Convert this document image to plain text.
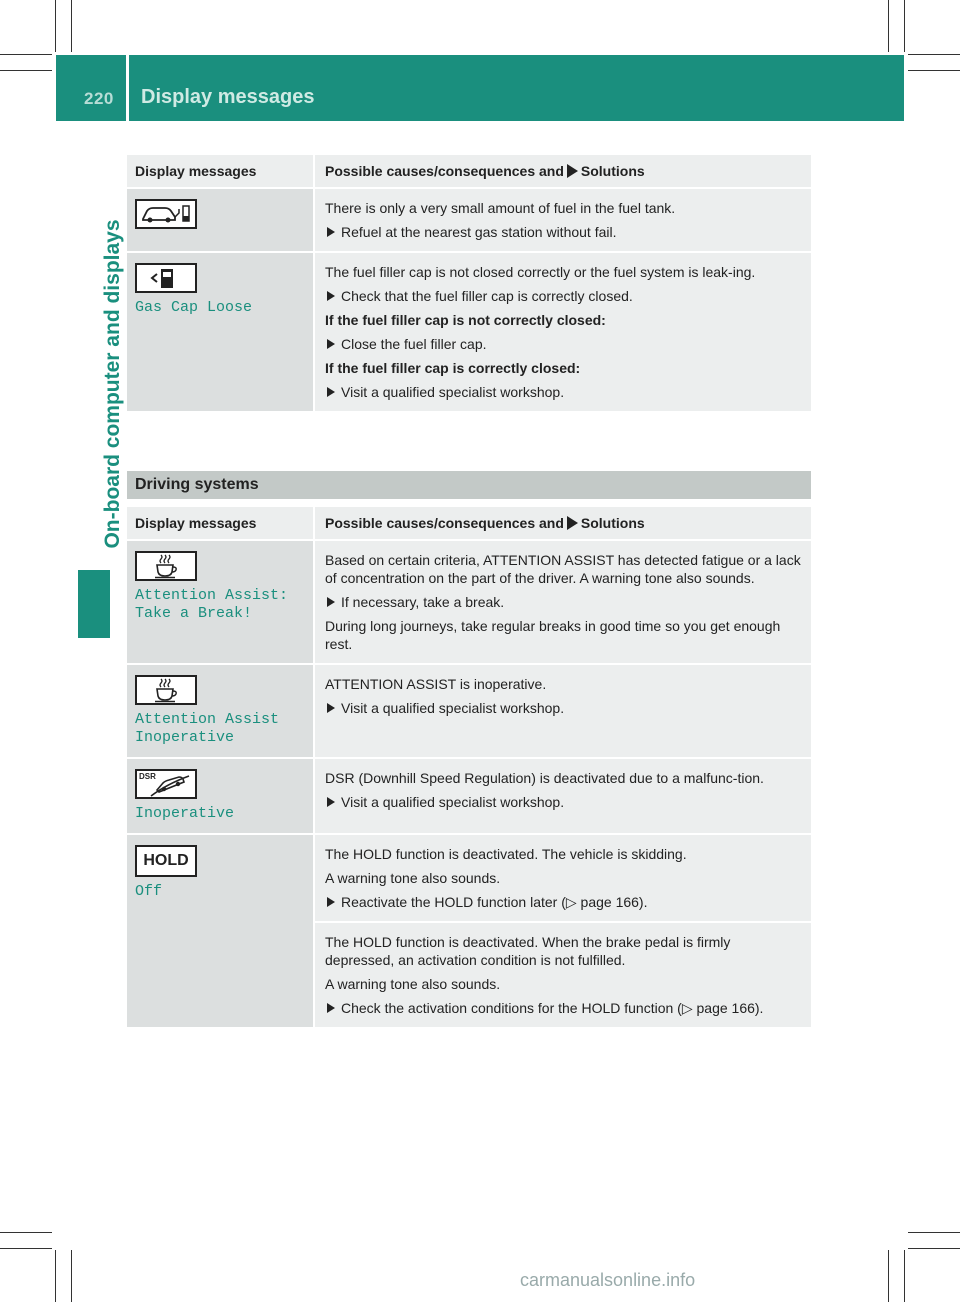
220 Display messages
On-board computer and displays
Display messages	Possible causes/consequences and Solutions

There is only a very small amount of fuel in the fuel tank.

Refuel at the nearest gas station without fail.

Gas Cap Loose

The fuel filler cap is not closed correctly or the fuel system is leak-ing.

Check that the fuel filler cap is correctly closed.

If the fuel filler cap is not correctly closed:

Close the fuel filler cap.

If the fuel filler cap is correctly closed:

Visit a qualified specialist workshop.

Driving systems
Display messages	Possible causes/consequences and Solutions
Attention Assist:
Take a Break!

Based on certain criteria, ATTENTION ASSIST has detected fatigue or a lack of concentration on the part of the driver. A warning tone also sounds.

If necessary, take a break.

During long journeys, take regular breaks in good time so you get enough rest.

Attention Assist
Inoperative

ATTENTION ASSIST is inoperative.

Visit a qualified specialist workshop.

DSR
Inoperative

DSR (Downhill Speed Regulation) is deactivated due to a malfunc-tion.

Visit a qualified specialist workshop.

HOLD
Off

The HOLD function is deactivated. The vehicle is skidding.

A warning tone also sounds.

Reactivate the HOLD function later (▷ page 166).

The HOLD function is deactivated. When the brake pedal is firmly depressed, an activation condition is not fulfilled.

A warning tone also sounds.

Check the activation conditions for the HOLD function (▷ page 166).

carmanualsonline.info
